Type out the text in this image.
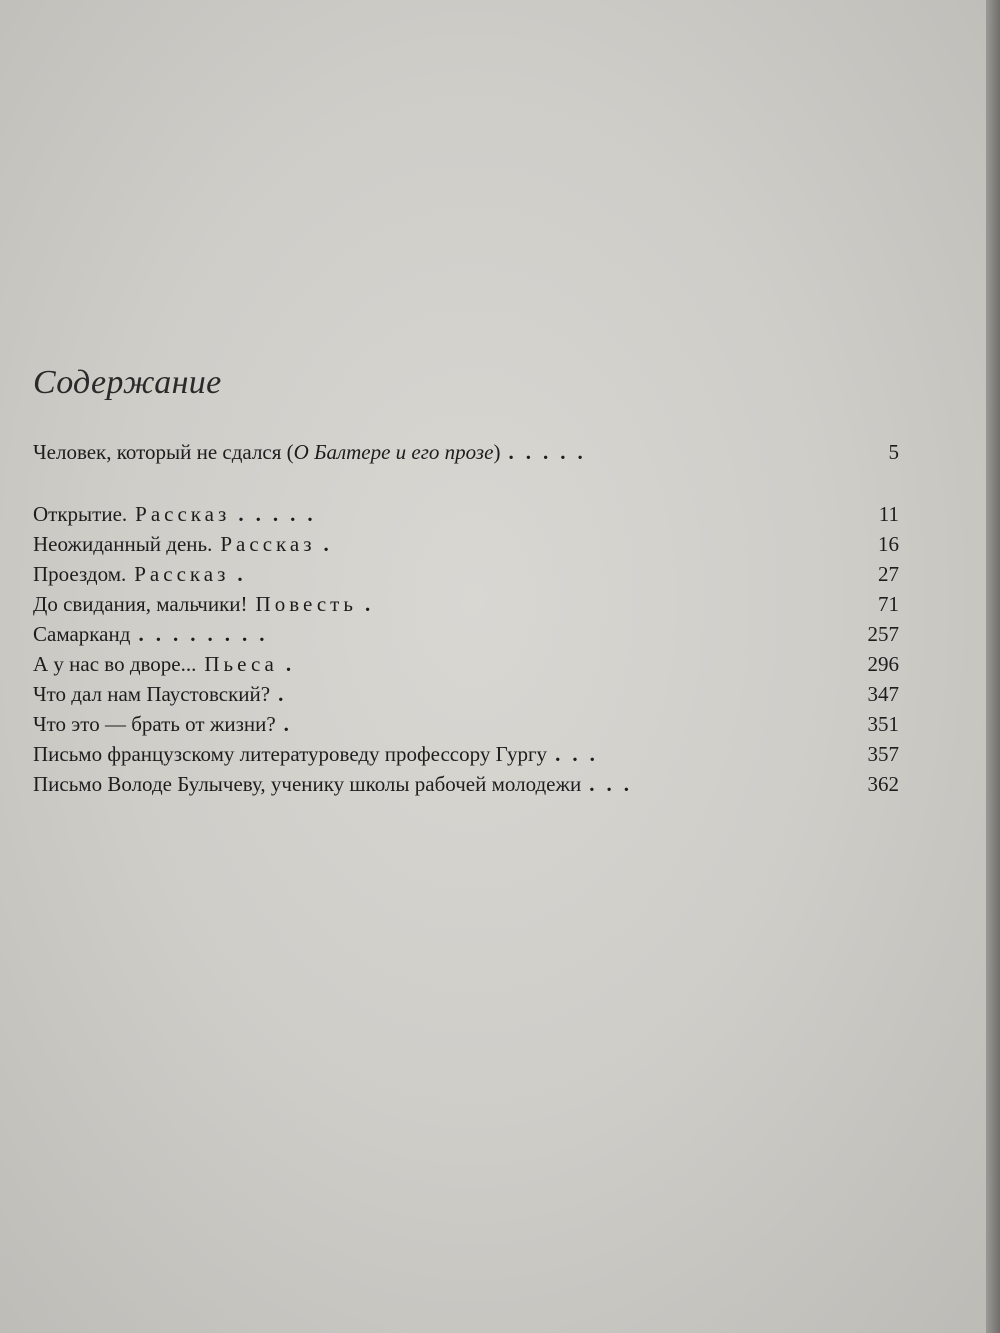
Содержание
Человек, который не сдался ( О Балтере и его прозе ) .....	5
Открытие. Рассказ .....	11
Неожиданный день. Рассказ .	16
Проездом. Рассказ .	27
До свидания, мальчики! Повесть .	71
Самарканд ........	257
А у нас во дворе... Пьеса .	296
Что дал нам Паустовский? .	347
Что это — брать от жизни? .	351
Письмо французскому литературоведу профессору Гургу ...	357
Письмо Володе Булычеву, ученику школы рабочей молодежи ...	362
